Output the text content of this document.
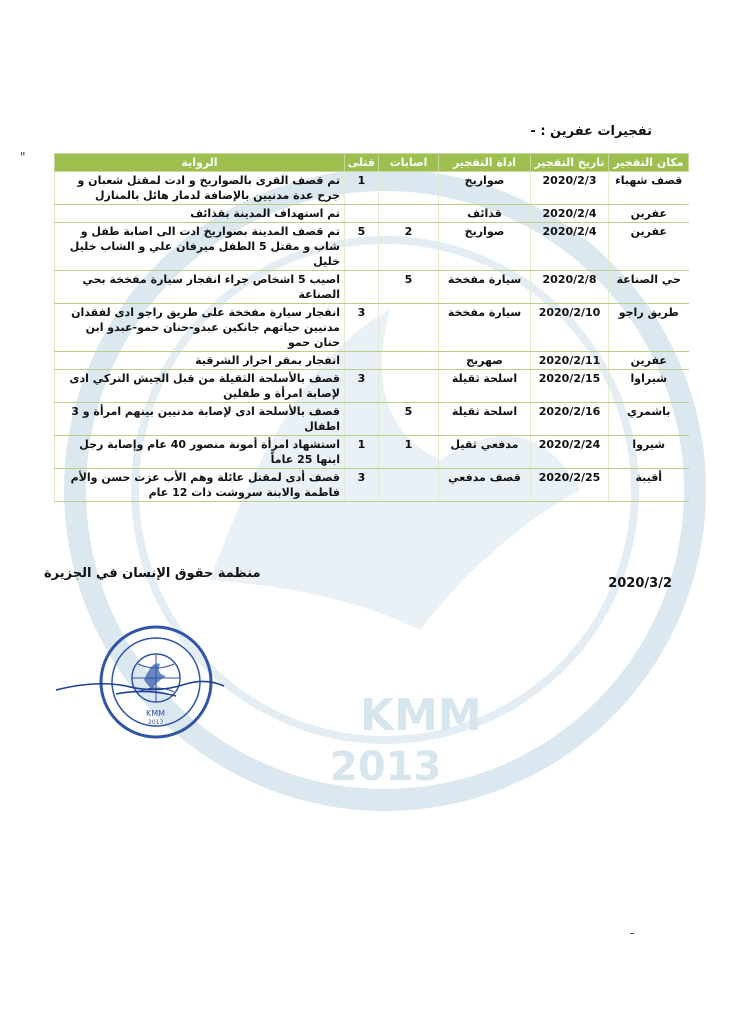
KMM
2013
"
تفجيرات عفرين : -
مكان التفجير	تاريخ التفجير	اداة التفجير	اصابات	قتلى	الرواية
قصف شهباء	2020/2/3	صواريخ		1	تم قصف القرى بالصواريخ و ادت لمقتل شعبان و جرح عدة مدنيين بالإضافة لدمار هائل بالمنازل
عفرين	2020/2/4	قذائف			تم استهداف المدينة بقذائف
عفرين	2020/2/4	صواريخ	2	5	تم قصف المدينة بصواريخ ادت الى اصابة طفل و شاب و مقتل 5 الطفل ميرفان علي و الشاب خليل خليل
حي الصناعة	2020/2/8	سيارة مفخخة	5		اصيب 5 اشخاص جراء انفجار سيارة مفخخة بحي الصناعة
طريق راجو	2020/2/10	سيارة مفخخة		3	انفجار سيارة مفخخة على طريق راجو ادى لفقدان مدنيين حياتهم جانكين عبدو-حنان حمو-عبدو ابن حنان حمو
عفرين	2020/2/11	صهريج			انفجار بمقر احرار الشرقية
شيراوا	2020/2/15	اسلحة ثقيلة		3	قصف بالأسلحة الثقيلة من قبل الجيش التركي ادى لإصابة امرأة و طفلين
باشمري	2020/2/16	اسلحة ثقيلة	5		قصف بالأسلحة ادى لإصابة مدنيين بينهم امرأة و 3 اطفال
شيروا	2020/2/24	مدفعي ثقيل	1	1	استشهاد امرأة أمونة منصور 40 عام وإصابة رجل ابنها 25 عاماً
أقيبة	2020/2/25	قصف مدفعي		3	قصف أدى لمقتل عائلة وهم الأب عزت حسن والأم فاطمة والابنة سروشت ذات 12 عام
منظمة حقوق الإنسان في الجزيرة
2020/3/2
KMM
2013
-
